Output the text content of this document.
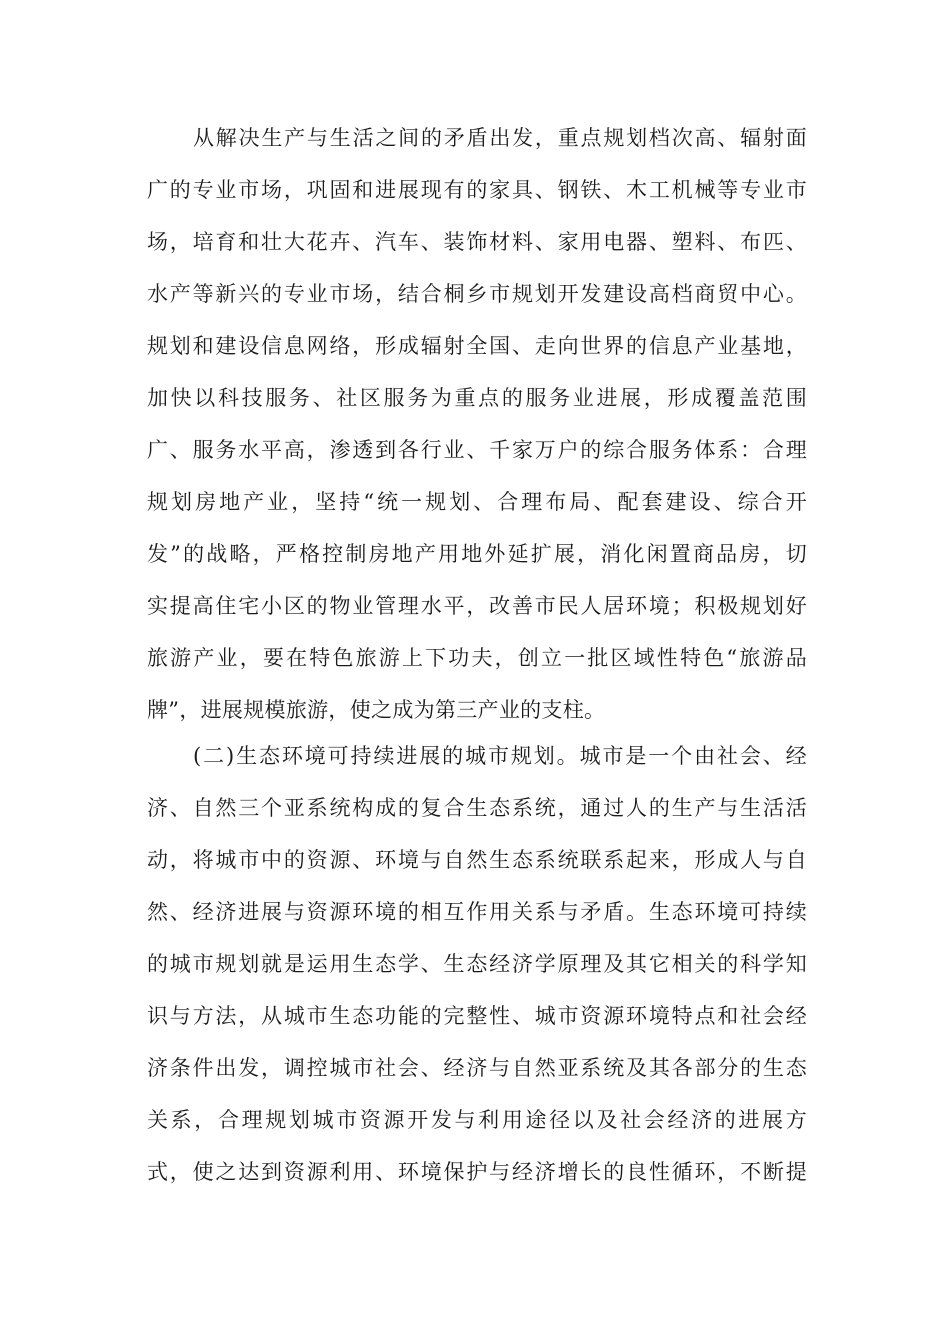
从解决生产与生活之间的矛盾出发，重点规划档次高、辐射面
广的专业市场，巩固和进展现有的家具、钢铁、木工机械等专业市
场，培育和壮大花卉、汽车、装饰材料、家用电器、塑料、布匹、
水产等新兴的专业市场，结合桐乡市规划开发建设高档商贸中心。
规划和建设信息网络，形成辐射全国、走向世界的信息产业基地，
加快以科技服务、社区服务为重点的服务业进展，形成覆盖范围
广、服务水平高，渗透到各行业、千家万户的综合服务体系：合理
规划房地产业，坚持“统一规划、合理布局、配套建设、综合开
发”的战略，严格控制房地产用地外延扩展，消化闲置商品房，切
实提高住宅小区的物业管理水平，改善市民人居环境；积极规划好
旅游产业，要在特色旅游上下功夫，创立一批区域性特色“旅游品
牌”，进展规模旅游，使之成为第三产业的支柱。
(二)生态环境可持续进展的城市规划。城市是一个由社会、经
济、自然三个亚系统构成的复合生态系统，通过人的生产与生活活
动，将城市中的资源、环境与自然生态系统联系起来，形成人与自
然、经济进展与资源环境的相互作用关系与矛盾。生态环境可持续
的城市规划就是运用生态学、生态经济学原理及其它相关的科学知
识与方法，从城市生态功能的完整性、城市资源环境特点和社会经
济条件出发，调控城市社会、经济与自然亚系统及其各部分的生态
关系，合理规划城市资源开发与利用途径以及社会经济的进展方
式，使之达到资源利用、环境保护与经济增长的良性循环，不断提
